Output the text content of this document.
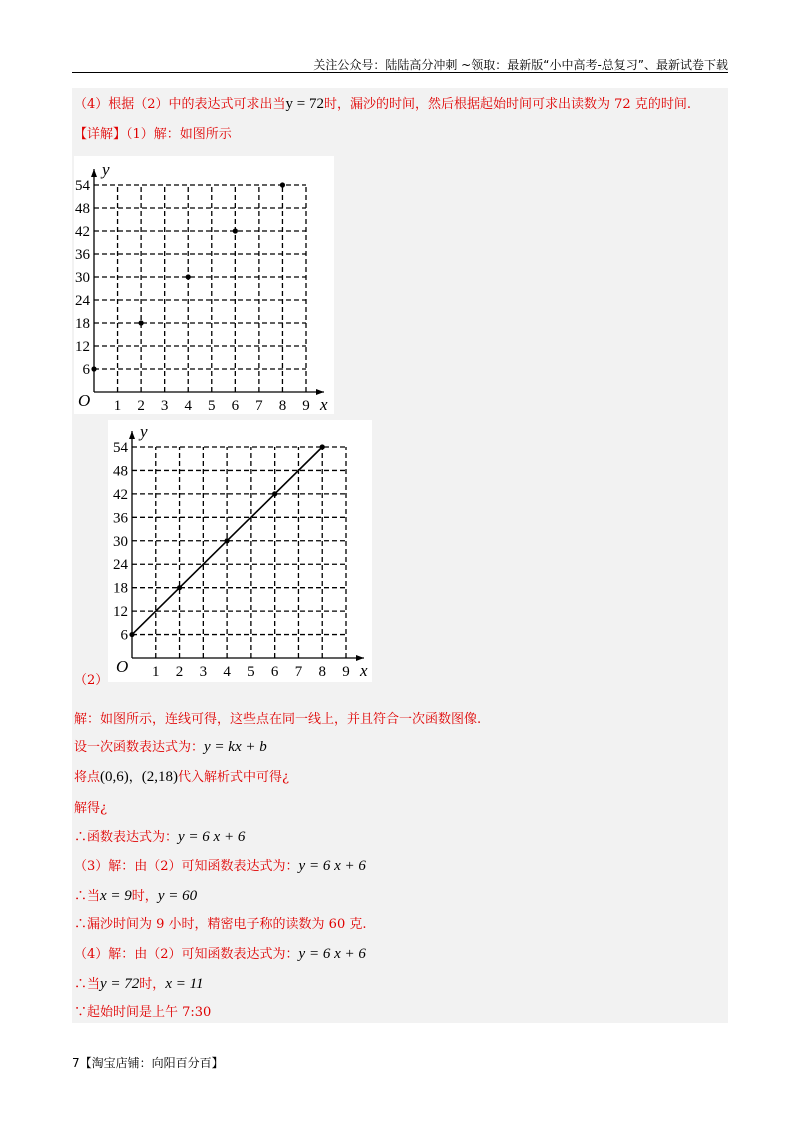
关注公众号：陆陆高分冲刺 ~领取：最新版“小中高考-总复习”、最新试卷下载
（4）根据（2）中的表达式可求出当y = 72时，漏沙的时间，然后根据起始时间可求出读数为 72 克的时间.
【详解】（1）解：如图所示
1 2 3 4 5 6 7 8 9
6
12
18
24
30
36
42
48
54
O	x
y
1 2 3 4 5 6 7 8 9
6
12
18
24
30
36
42
48
54
O	x
y
（2）
解：如图所示，连线可得，这些点在同一线上，并且符合一次函数图像.
设一次函数表达式为：y = kx + b
将点(0,6)，(2,18)代入解析式中可得¿
解得¿
∴函数表达式为：y = 6 x + 6
（3）解：由（2）可知函数表达式为：y = 6 x + 6
∴当x = 9时，y = 60
∴漏沙时间为 9 小时，精密电子称的读数为 60 克.
（4）解：由（2）可知函数表达式为：y = 6 x + 6
∴当y = 72时，x = 11
∵起始时间是上午 7:30
7【淘宝店铺：向阳百分百】
